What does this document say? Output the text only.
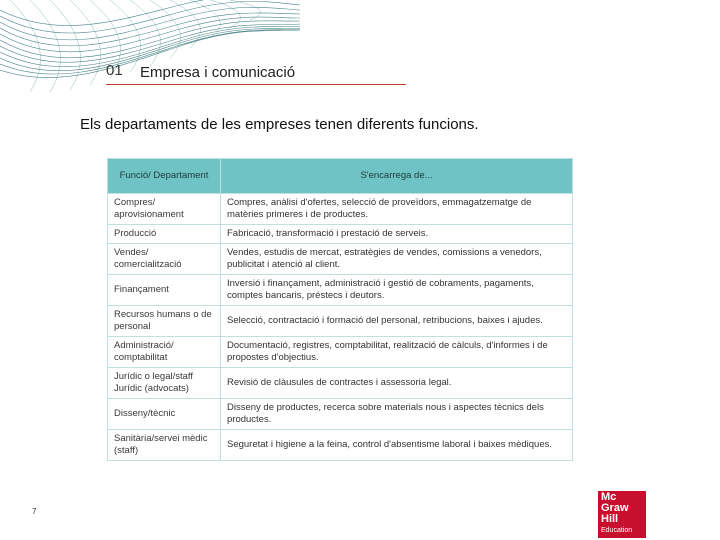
01 Empresa i comunicació
Els departaments de les empreses tenen diferents funcions.
Funció/ Departament	S'encarrega de...
Compres/ aprovisionament	Compres, anàlisi d'ofertes, selecció de proveïdors, emmagatzematge de matèries primeres i de productes.
Producció	Fabricació, transformació i prestació de serveis.
Vendes/ comercialització	Vendes, estudis de mercat, estratègies de vendes, comissions a venedors, publicitat i atenció al client.
Finançament	Inversió i finançament, administració i gestió de cobraments, pagaments, comptes bancaris, préstecs i deutors.
Recursos humans o de personal	Selecció, contractació i formació del personal, retribucions, baixes i ajudes.
Administració/ comptabilitat	Documentació, registres, comptabilitat, realització de càlculs, d'informes i de propostes d'objectius.
Jurídic o legal/staff Jurídic (advocats)	Revisió de clàusules de contractes i assessoria legal.
Disseny/tècnic	Disseny de productes, recerca sobre materials nous i aspectes tècnics dels productes.
Sanitària/servei mèdic (staff)	Seguretat i higiene a la feina, control d'absentisme laboral i baixes mèdiques.
7
Mc
Graw
Hill
Education
